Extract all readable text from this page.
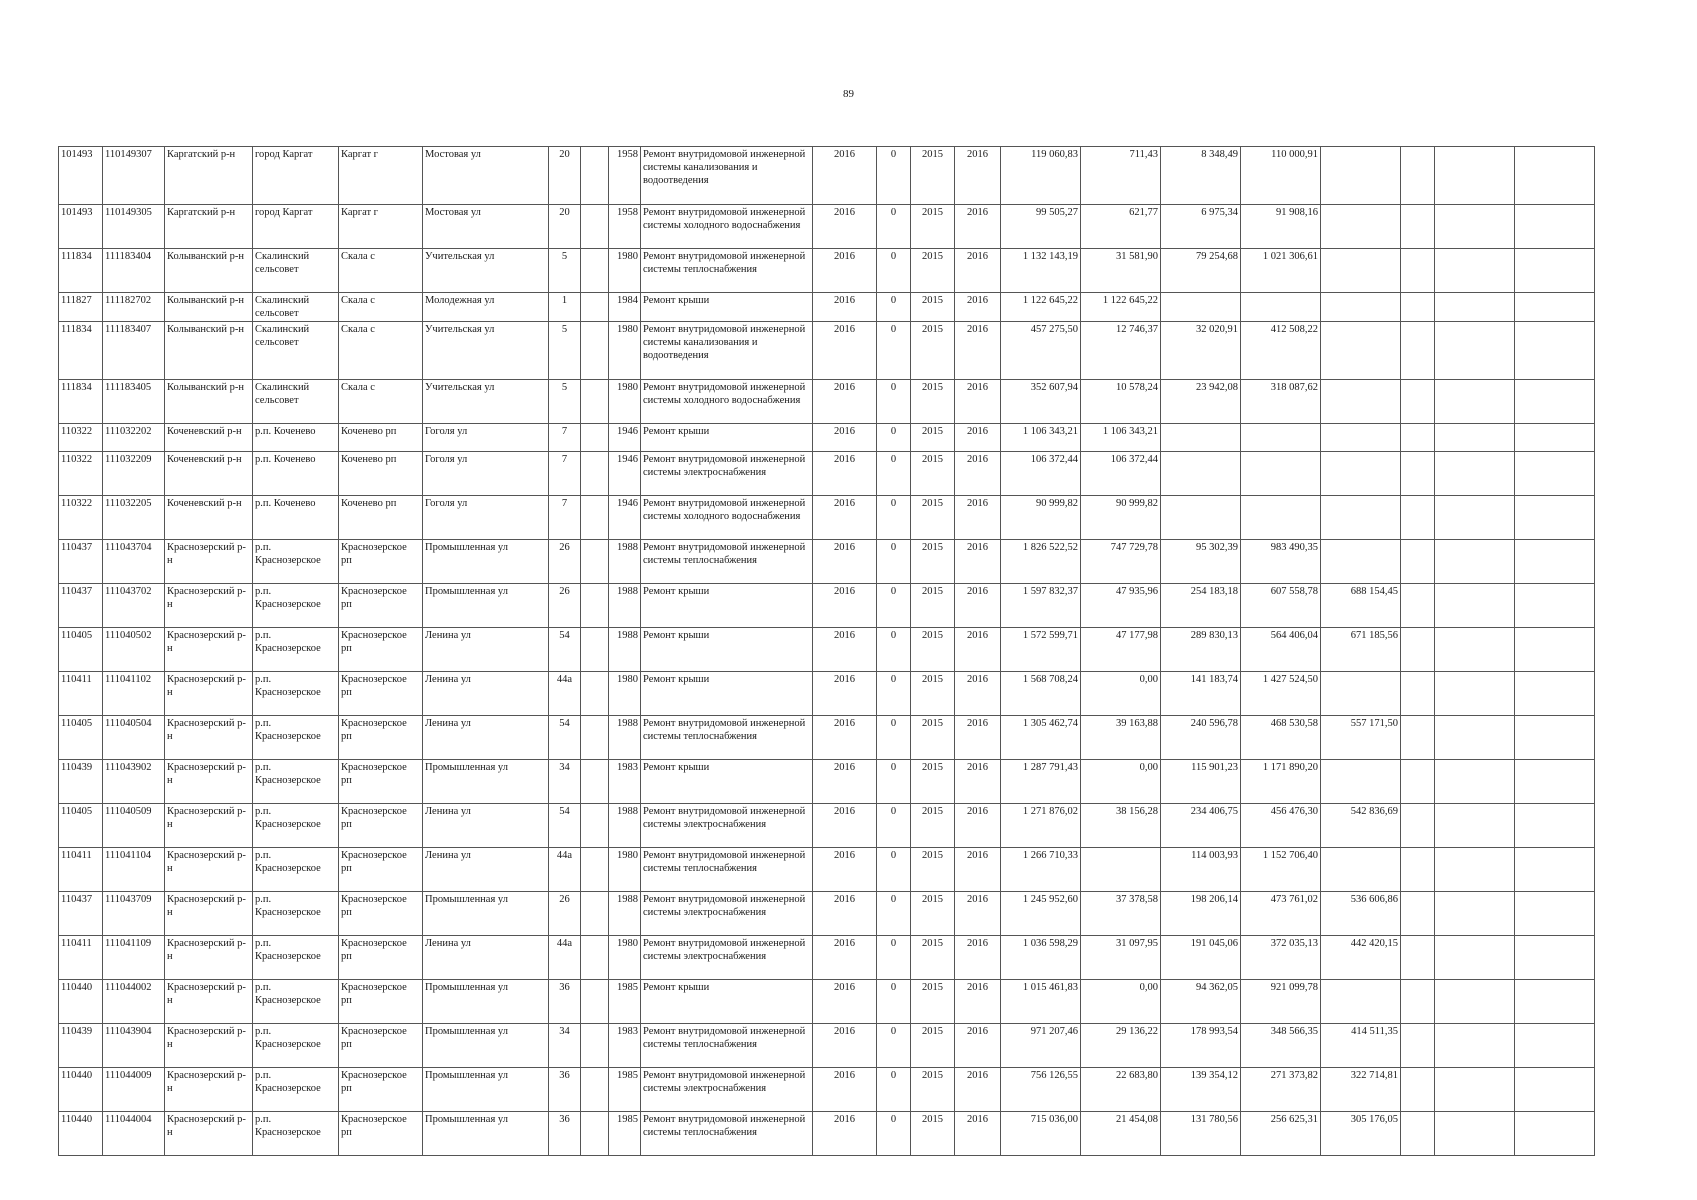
89
101493	110149307	Каргатский р-н	город Каргат	Каргат г	Мостовая ул	20		1958	Ремонт внутридомовой инженерной системы канализования и водоотведения	2016	0	2015	2016	119 060,83	711,43	8 348,49	110 000,91				
101493	110149305	Каргатский р-н	город Каргат	Каргат г	Мостовая ул	20		1958	Ремонт внутридомовой инженерной системы холодного водоснабжения	2016	0	2015	2016	99 505,27	621,77	6 975,34	91 908,16				
111834	111183404	Колыванский р-н	Скалинский сельсовет	Скала с	Учительская ул	5		1980	Ремонт внутридомовой инженерной системы теплоснабжения	2016	0	2015	2016	1 132 143,19	31 581,90	79 254,68	1 021 306,61				
111827	111182702	Колыванский р-н	Скалинский сельсовет	Скала с	Молодежная ул	1		1984	Ремонт крыши	2016	0	2015	2016	1 122 645,22	1 122 645,22						
111834	111183407	Колыванский р-н	Скалинский сельсовет	Скала с	Учительская ул	5		1980	Ремонт внутридомовой инженерной системы канализования и водоотведения	2016	0	2015	2016	457 275,50	12 746,37	32 020,91	412 508,22				
111834	111183405	Колыванский р-н	Скалинский сельсовет	Скала с	Учительская ул	5		1980	Ремонт внутридомовой инженерной системы холодного водоснабжения	2016	0	2015	2016	352 607,94	10 578,24	23 942,08	318 087,62				
110322	111032202	Коченевский р-н	р.п. Коченево	Коченево рп	Гоголя ул	7		1946	Ремонт крыши	2016	0	2015	2016	1 106 343,21	1 106 343,21						
110322	111032209	Коченевский р-н	р.п. Коченево	Коченево рп	Гоголя ул	7		1946	Ремонт внутридомовой инженерной системы электроснабжения	2016	0	2015	2016	106 372,44	106 372,44						
110322	111032205	Коченевский р-н	р.п. Коченево	Коченево рп	Гоголя ул	7		1946	Ремонт внутридомовой инженерной системы холодного водоснабжения	2016	0	2015	2016	90 999,82	90 999,82						
110437	111043704	Краснозерский р-н	р.п. Краснозерское	Краснозерское рп	Промышленная ул	26		1988	Ремонт внутридомовой инженерной системы теплоснабжения	2016	0	2015	2016	1 826 522,52	747 729,78	95 302,39	983 490,35				
110437	111043702	Краснозерский р-н	р.п. Краснозерское	Краснозерское рп	Промышленная ул	26		1988	Ремонт крыши	2016	0	2015	2016	1 597 832,37	47 935,96	254 183,18	607 558,78	688 154,45			
110405	111040502	Краснозерский р-н	р.п. Краснозерское	Краснозерское рп	Ленина ул	54		1988	Ремонт крыши	2016	0	2015	2016	1 572 599,71	47 177,98	289 830,13	564 406,04	671 185,56			
110411	111041102	Краснозерский р-н	р.п. Краснозерское	Краснозерское рп	Ленина ул	44а		1980	Ремонт крыши	2016	0	2015	2016	1 568 708,24	0,00	141 183,74	1 427 524,50				
110405	111040504	Краснозерский р-н	р.п. Краснозерское	Краснозерское рп	Ленина ул	54		1988	Ремонт внутридомовой инженерной системы теплоснабжения	2016	0	2015	2016	1 305 462,74	39 163,88	240 596,78	468 530,58	557 171,50			
110439	111043902	Краснозерский р-н	р.п. Краснозерское	Краснозерское рп	Промышленная ул	34		1983	Ремонт крыши	2016	0	2015	2016	1 287 791,43	0,00	115 901,23	1 171 890,20				
110405	111040509	Краснозерский р-н	р.п. Краснозерское	Краснозерское рп	Ленина ул	54		1988	Ремонт внутридомовой инженерной системы электроснабжения	2016	0	2015	2016	1 271 876,02	38 156,28	234 406,75	456 476,30	542 836,69			
110411	111041104	Краснозерский р-н	р.п. Краснозерское	Краснозерское рп	Ленина ул	44а		1980	Ремонт внутридомовой инженерной системы теплоснабжения	2016	0	2015	2016	1 266 710,33		114 003,93	1 152 706,40				
110437	111043709	Краснозерский р-н	р.п. Краснозерское	Краснозерское рп	Промышленная ул	26		1988	Ремонт внутридомовой инженерной системы электроснабжения	2016	0	2015	2016	1 245 952,60	37 378,58	198 206,14	473 761,02	536 606,86			
110411	111041109	Краснозерский р-н	р.п. Краснозерское	Краснозерское рп	Ленина ул	44а		1980	Ремонт внутридомовой инженерной системы электроснабжения	2016	0	2015	2016	1 036 598,29	31 097,95	191 045,06	372 035,13	442 420,15			
110440	111044002	Краснозерский р-н	р.п. Краснозерское	Краснозерское рп	Промышленная ул	36		1985	Ремонт крыши	2016	0	2015	2016	1 015 461,83	0,00	94 362,05	921 099,78				
110439	111043904	Краснозерский р-н	р.п. Краснозерское	Краснозерское рп	Промышленная ул	34		1983	Ремонт внутридомовой инженерной системы теплоснабжения	2016	0	2015	2016	971 207,46	29 136,22	178 993,54	348 566,35	414 511,35			
110440	111044009	Краснозерский р-н	р.п. Краснозерское	Краснозерское рп	Промышленная ул	36		1985	Ремонт внутридомовой инженерной системы электроснабжения	2016	0	2015	2016	756 126,55	22 683,80	139 354,12	271 373,82	322 714,81			
110440	111044004	Краснозерский р-н	р.п. Краснозерское	Краснозерское рп	Промышленная ул	36		1985	Ремонт внутридомовой инженерной системы теплоснабжения	2016	0	2015	2016	715 036,00	21 454,08	131 780,56	256 625,31	305 176,05			
